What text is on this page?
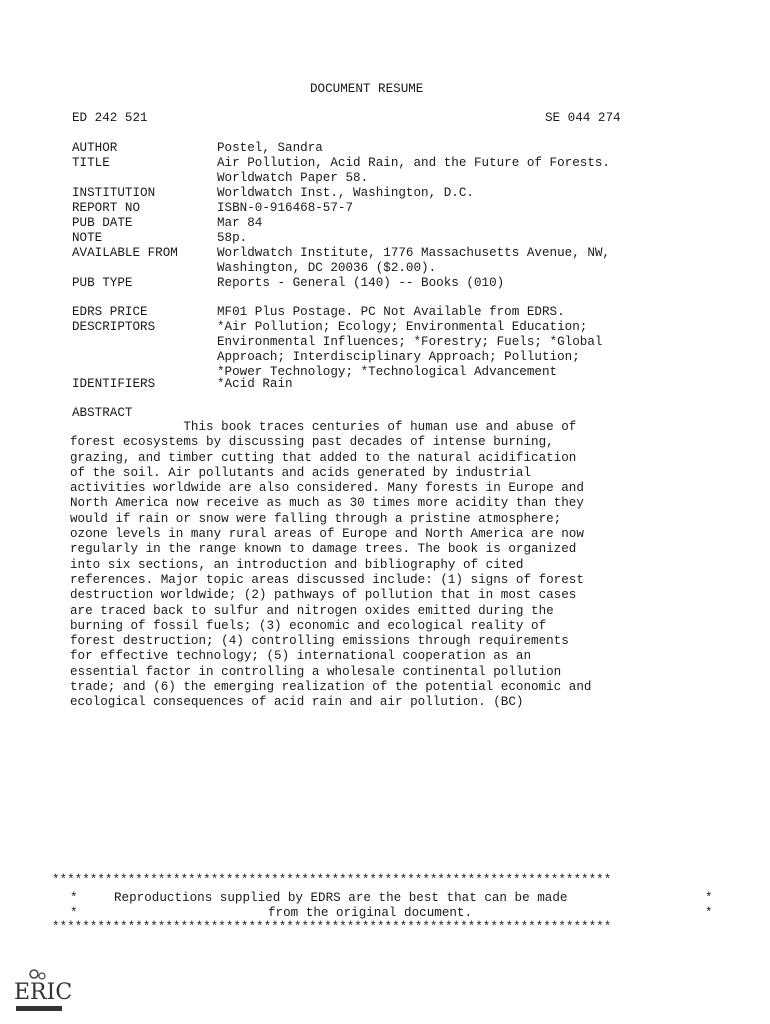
DOCUMENT RESUME
ED 242 521	SE 044 274
AUTHOR	Postel, Sandra
TITLE	Air Pollution, Acid Rain, and the Future of Forests.
Worldwatch Paper 58.
INSTITUTION	Worldwatch Inst., Washington, D.C.
REPORT NO	ISBN-0-916468-57-7
PUB DATE	Mar 84
NOTE	58p.
AVAILABLE FROM	Worldwatch Institute, 1776 Massachusetts Avenue, NW,
Washington, DC 20036 ($2.00).
PUB TYPE	Reports - General (140) -- Books (010)
EDRS PRICE	MF01 Plus Postage. PC Not Available from EDRS.
DESCRIPTORS	*Air Pollution; Ecology; Environmental Education;
Environmental Influences; *Forestry; Fuels; *Global
Approach; Interdisciplinary Approach; Pollution;
*Power Technology; *Technological Advancement
IDENTIFIERS	*Acid Rain
ABSTRACT
This book traces centuries of human use and abuse of
forest ecosystems by discussing past decades of intense burning,
grazing, and timber cutting that added to the natural acidification
of the soil. Air pollutants and acids generated by industrial
activities worldwide are also considered. Many forests in Europe and
North America now receive as much as 30 times more acidity than they
would if rain or snow were falling through a pristine atmosphere;
ozone levels in many rural areas of Europe and North America are now
regularly in the range known to damage trees. The book is organized
into six sections, an introduction and bibliography of cited
references. Major topic areas discussed include: (1) signs of forest
destruction worldwide; (2) pathways of pollution that in most cases
are traced back to sulfur and nitrogen oxides emitted during the
burning of fossil fuels; (3) economic and ecological reality of
forest destruction; (4) controlling emissions through requirements
for effective technology; (5) international cooperation as an
essential factor in controlling a wholesale continental pollution
trade; and (6) the emerging realization of the potential economic and
ecological consequences of acid rain and air pollution. (BC)
**************************************************************************
*	Reproductions supplied by EDRS are the best that can be made	*
*	from the original document.	*
**************************************************************************
ERIC
